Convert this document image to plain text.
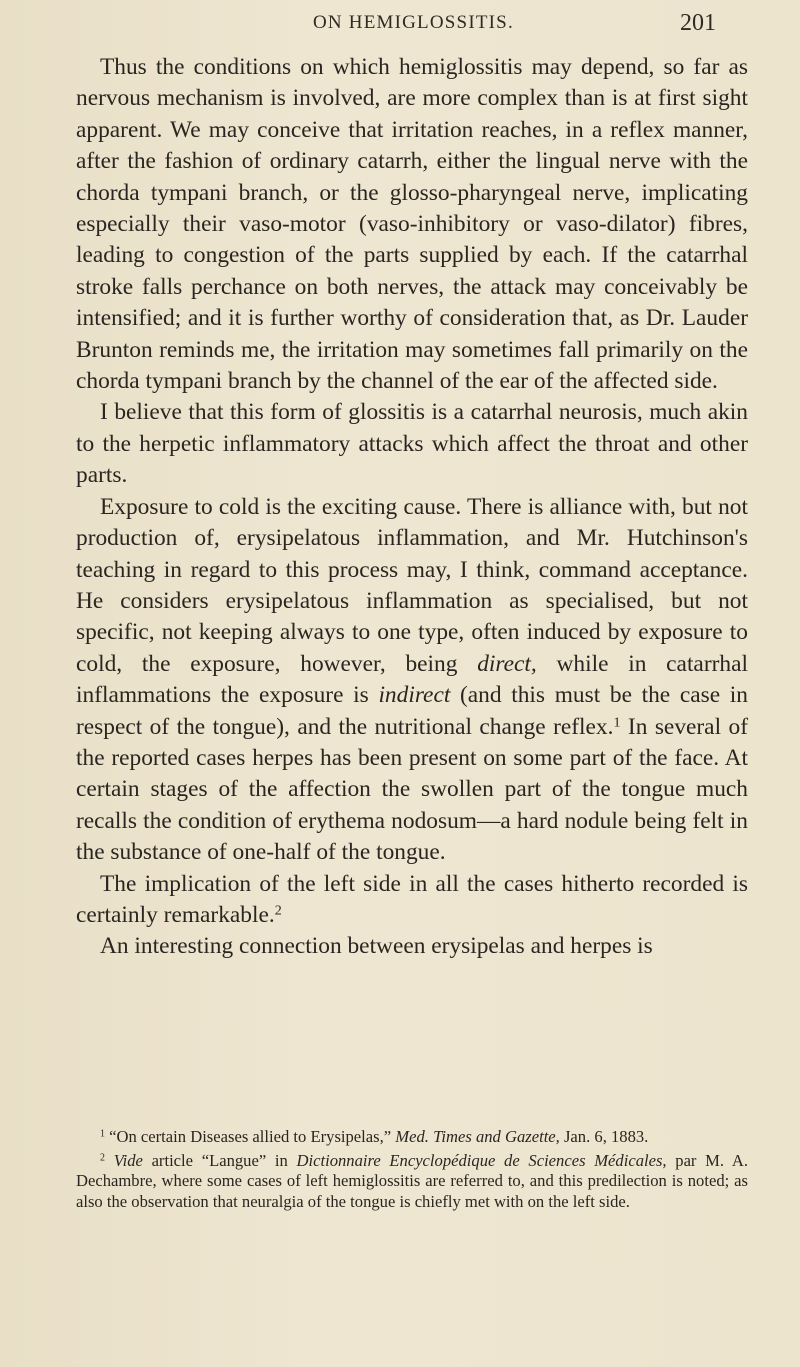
ON HEMIGLOSSITIS.	201

Thus the conditions on which hemiglossitis may depend, so far as nervous mechanism is involved, are more complex than is at first sight apparent. We may conceive that irritation reaches, in a reflex manner, after the fashion of ordinary catarrh, either the lingual nerve with the chorda tympani branch, or the glosso-pharyngeal nerve, implicating especially their vaso-motor (vaso-inhibitory or vaso-dilator) fibres, leading to congestion of the parts supplied by each. If the catarrhal stroke falls perchance on both nerves, the attack may conceivably be intensified; and it is further worthy of consideration that, as Dr. Lauder Brunton reminds me, the irritation may sometimes fall primarily on the chorda tympani branch by the channel of the ear of the affected side.

I believe that this form of glossitis is a catarrhal neurosis, much akin to the herpetic inflammatory attacks which affect the throat and other parts.

Exposure to cold is the exciting cause. There is alliance with, but not production of, erysipelatous inflammation, and Mr. Hutchinson's teaching in regard to this process may, I think, command acceptance. He considers erysipelatous inflammation as specialised, but not specific, not keeping always to one type, often induced by exposure to cold, the exposure, however, being direct, while in catarrhal inflammations the exposure is indirect (and this must be the case in respect of the tongue), and the nutritional change reflex.$^1$ In several of the reported cases herpes has been present on some part of the face. At certain stages of the affection the swollen part of the tongue much recalls the condition of erythema nodosum—a hard nodule being felt in the substance of one-half of the tongue.

The implication of the left side in all the cases hitherto recorded is certainly remarkable.$^2$

An interesting connection between erysipelas and herpes is

$^1$ “On certain Diseases allied to Erysipelas,” Med. Times and Gazette, Jan. 6, 1883.

$^2$ Vide article “Langue” in Dictionnaire Encyclopédique de Sciences Médicales, par M. A. Dechambre, where some cases of left hemiglossitis are referred to, and this predilection is noted; as also the observation that neuralgia of the tongue is chiefly met with on the left side.
